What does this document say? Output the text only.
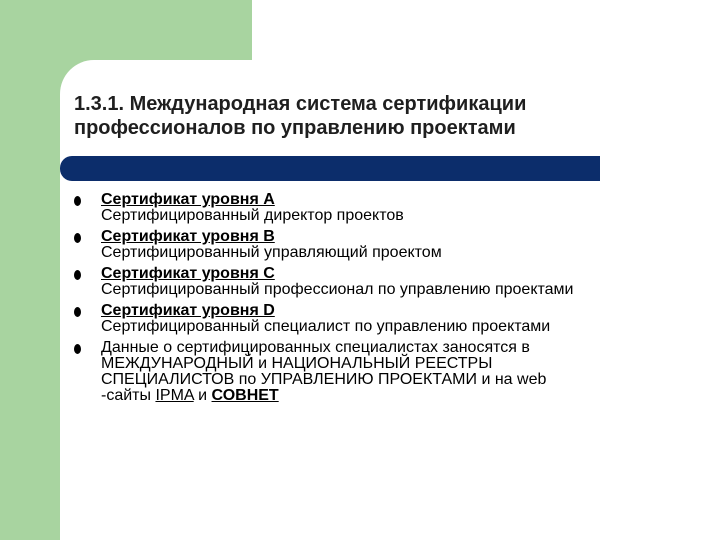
1.3.1. Международная система сертификации
профессионалов по управлению проектами
Сертификат уровня A
Сертифицированный директор проектов
Сертификат уровня B
Сертифицированный управляющий проектом
Сертификат уровня C
Сертифицированный профессионал по управлению проектами
Сертификат уровня D
Сертифицированный специалист по управлению проектами
Данные о сертифицированных специалистах заносятся в
МЕЖДУНАРОДНЫЙ и НАЦИОНАЛЬНЫЙ РЕЕСТРЫ
СПЕЦИАЛИСТОВ по УПРАВЛЕНИЮ ПРОЕКТАМИ и на web
-сайты IPMA и СОВНЕТ
